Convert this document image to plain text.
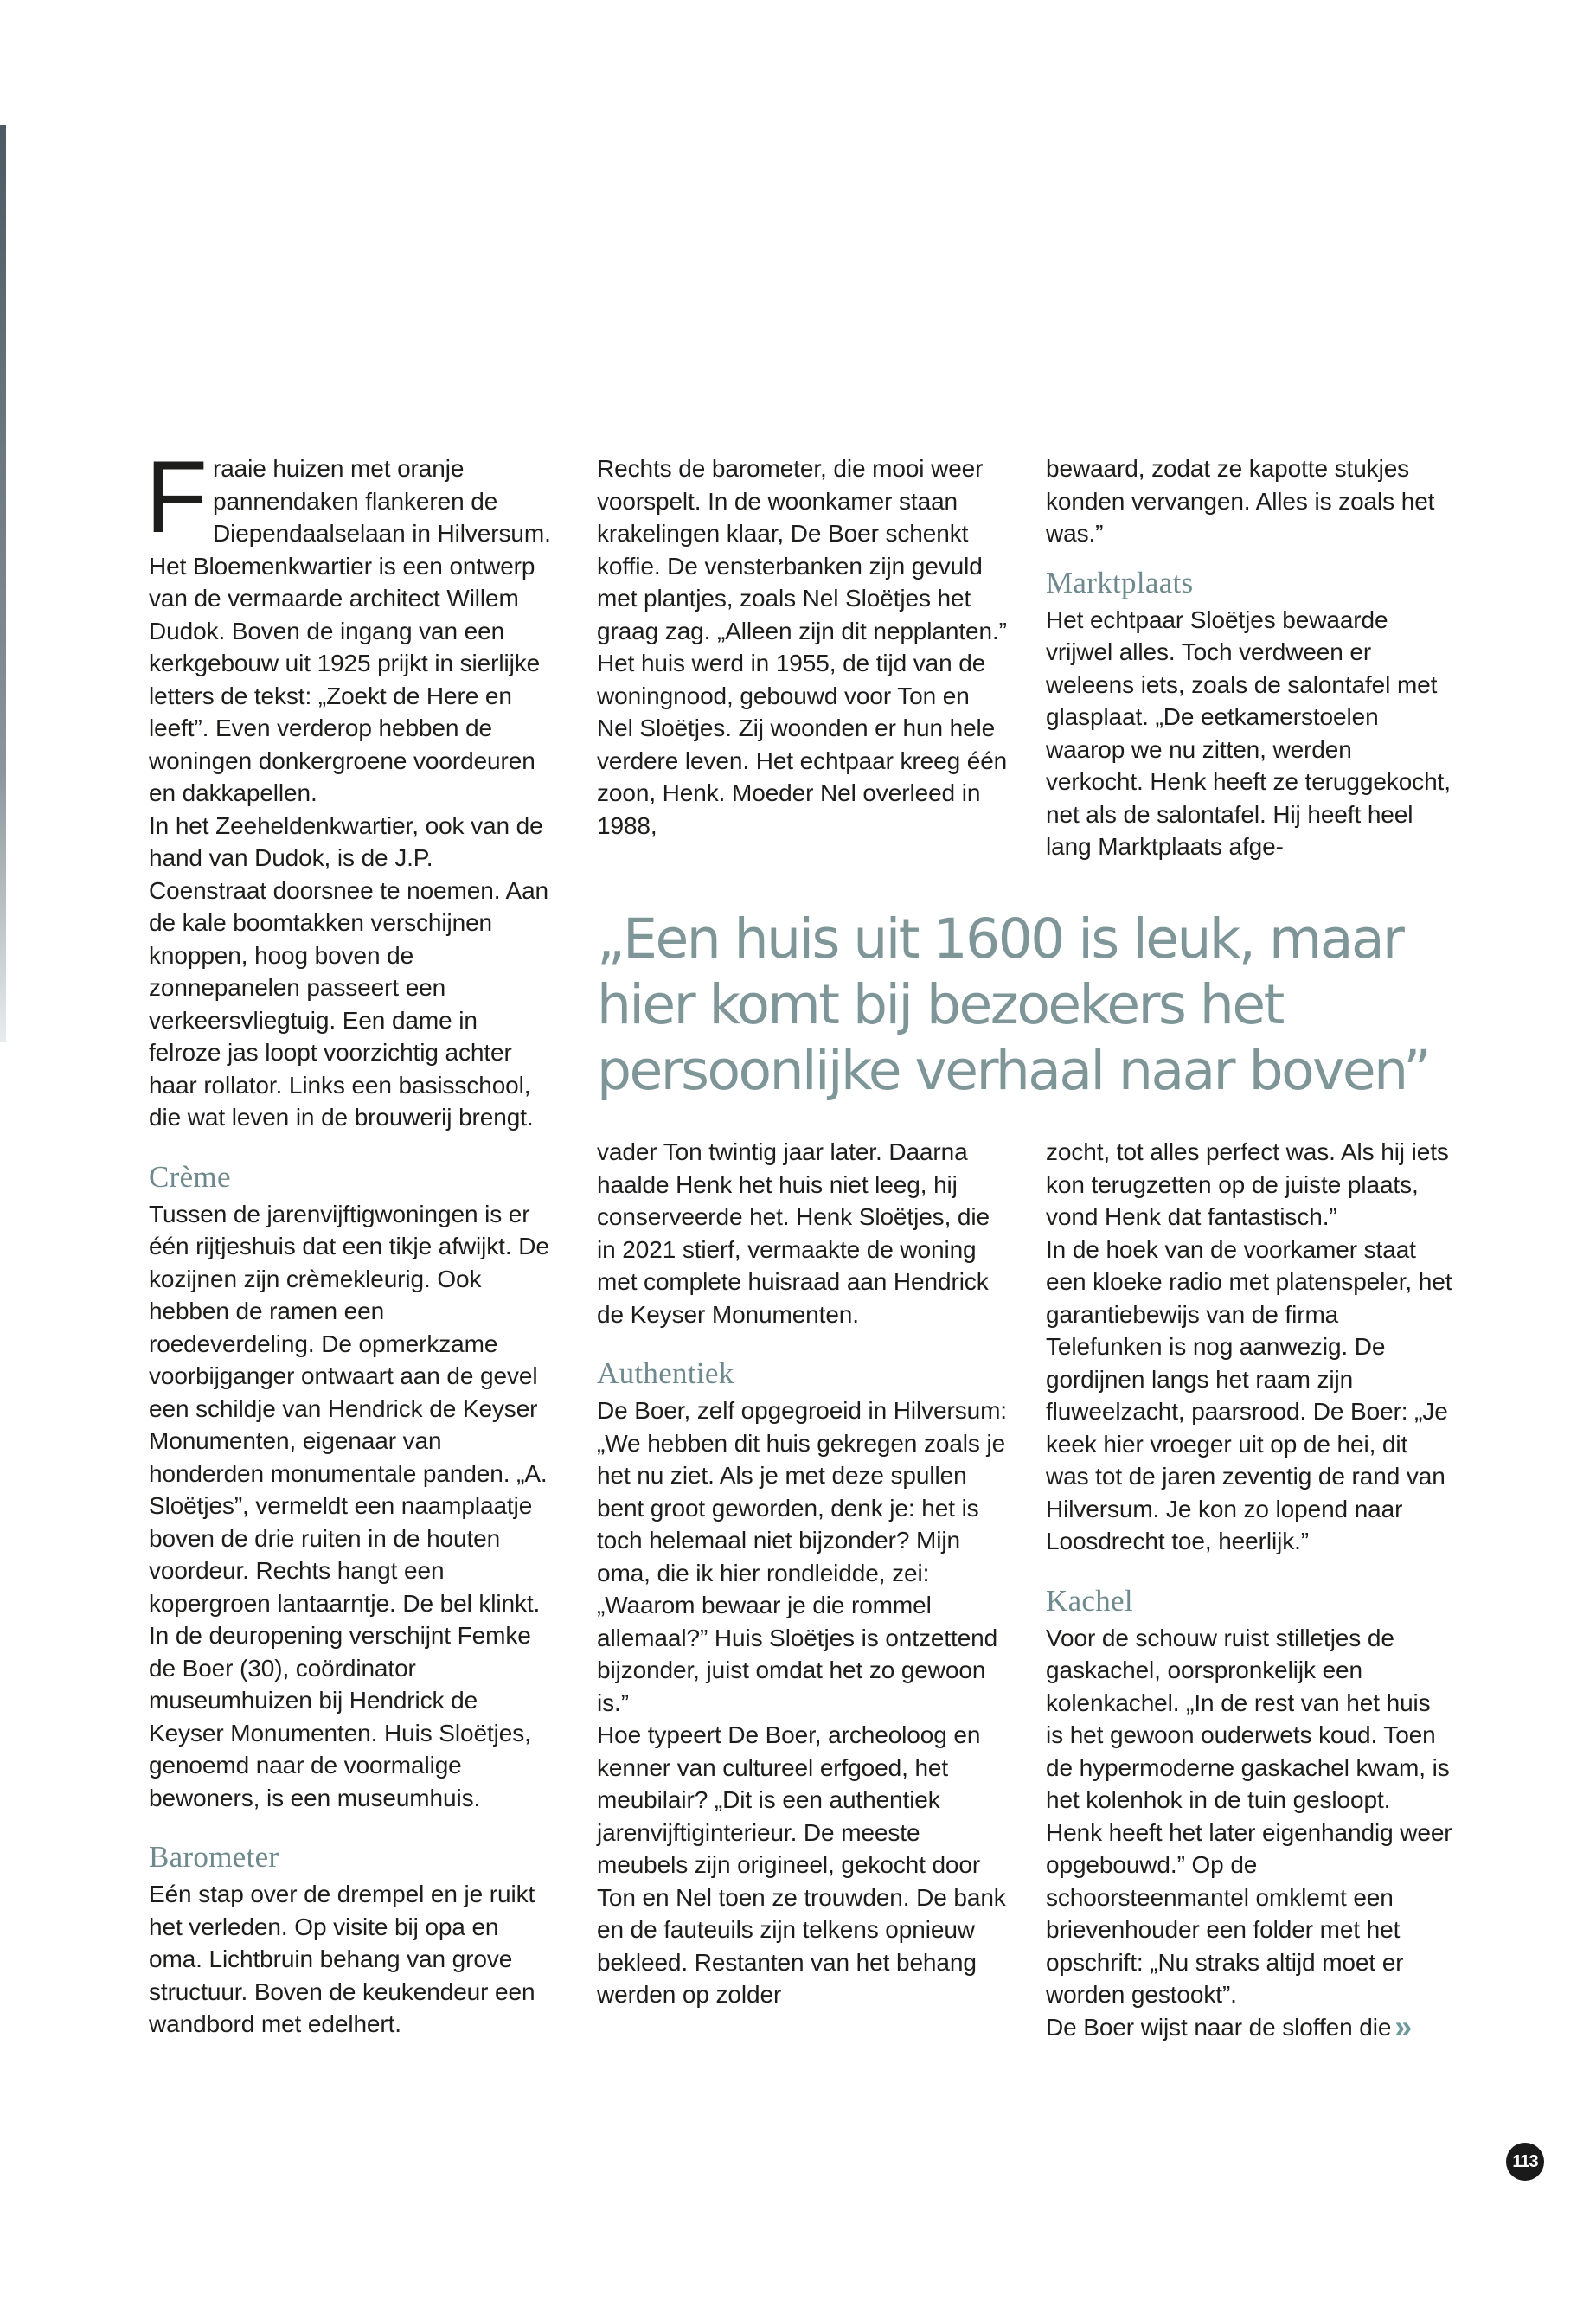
Fraaie huizen met oranje pannendaken flankeren de Diependaalselaan in Hilversum. Het Bloemenkwartier is een ontwerp van de vermaarde architect Willem Dudok. Boven de ingang van een kerkgebouw uit 1925 prijkt in sierlijke letters de tekst: „Zoekt de Here en leeft”. Even verderop hebben de woningen donkergroene voordeuren en dakkapellen.

In het Zeeheldenkwartier, ook van de hand van Dudok, is de J.P. Coenstraat doorsnee te noemen. Aan de kale boomtakken verschijnen knoppen, hoog boven de zonnepanelen passeert een verkeersvliegtuig. Een dame in felroze jas loopt voorzichtig achter haar rollator. Links een basisschool, die wat leven in de brouwerij brengt.

Crème

Tussen de jarenvijftigwoningen is er één rijtjeshuis dat een tikje afwijkt. De kozijnen zijn crèmekleurig. Ook hebben de ramen een roedeverdeling. De opmerkzame voorbijganger ontwaart aan de gevel een schildje van Hendrick de Keyser Monumenten, eigenaar van honderden monumentale panden. „A. Sloëtjes”, vermeldt een naamplaatje boven de drie ruiten in de houten voordeur. Rechts hangt een kopergroen lantaarntje. De bel klinkt. In de deuropening verschijnt Femke de Boer (30), coördinator museumhuizen bij Hendrick de Keyser Monumenten. Huis Sloëtjes, genoemd naar de voormalige bewoners, is een museumhuis.

Barometer

Eén stap over de drempel en je ruikt het verleden. Op visite bij opa en oma. Lichtbruin behang van grove structuur. Boven de keukendeur een wandbord met edelhert.

Rechts de barometer, die mooi weer voorspelt. In de woonkamer staan krakelingen klaar, De Boer schenkt koffie. De vensterbanken zijn gevuld met plantjes, zoals Nel Sloëtjes het graag zag. „Alleen zijn dit nepplanten.”

Het huis werd in 1955, de tijd van de woningnood, gebouwd voor Ton en Nel Sloëtjes. Zij woonden er hun hele verdere leven. Het echtpaar kreeg één zoon, Henk. Moeder Nel overleed in 1988,

bewaard, zodat ze kapotte stukjes konden vervangen. Alles is zoals het was.”

Marktplaats

Het echtpaar Sloëtjes bewaarde vrijwel alles. Toch verdween er weleens iets, zoals de salontafel met glasplaat. „De eetkamerstoelen waarop we nu zitten, werden verkocht. Henk heeft ze teruggekocht, net als de salontafel. Hij heeft heel lang Marktplaats afge-

„Een huis uit 1600 is leuk, maar hier komt bij bezoekers het persoonlijke verhaal naar boven”

vader Ton twintig jaar later. Daarna haalde Henk het huis niet leeg, hij conserveerde het. Henk Sloëtjes, die in 2021 stierf, vermaakte de woning met complete huisraad aan Hendrick de Keyser Monumenten.

Authentiek

De Boer, zelf opgegroeid in Hilversum: „We hebben dit huis gekregen zoals je het nu ziet. Als je met deze spullen bent groot geworden, denk je: het is toch helemaal niet bijzonder? Mijn oma, die ik hier rondleidde, zei: „Waarom bewaar je die rommel allemaal?” Huis Sloëtjes is ontzettend bijzonder, juist omdat het zo gewoon is.”

Hoe typeert De Boer, archeoloog en kenner van cultureel erfgoed, het meubilair? „Dit is een authentiek jarenvijftiginterieur. De meeste meubels zijn origineel, gekocht door Ton en Nel toen ze trouwden. De bank en de fauteuils zijn telkens opnieuw bekleed. Restanten van het behang werden op zolder

zocht, tot alles perfect was. Als hij iets kon terugzetten op de juiste plaats, vond Henk dat fantastisch.”

In de hoek van de voorkamer staat een kloeke radio met platenspeler, het garantiebewijs van de firma Telefunken is nog aanwezig. De gordijnen langs het raam zijn fluweelzacht, paarsrood. De Boer: „Je keek hier vroeger uit op de hei, dit was tot de jaren zeventig de rand van Hilversum. Je kon zo lopend naar Loosdrecht toe, heerlijk.”

Kachel

Voor de schouw ruist stilletjes de gaskachel, oorspronkelijk een kolenkachel. „In de rest van het huis is het gewoon ouderwets koud. Toen de hypermoderne gaskachel kwam, is het kolenhok in de tuin gesloopt. Henk heeft het later eigenhandig weer opgebouwd.” Op de schoorsteenmantel omklemt een brievenhouder een folder met het opschrift: „Nu straks altijd moet er worden gestookt”.

De Boer wijst naar de sloffen die »

113
